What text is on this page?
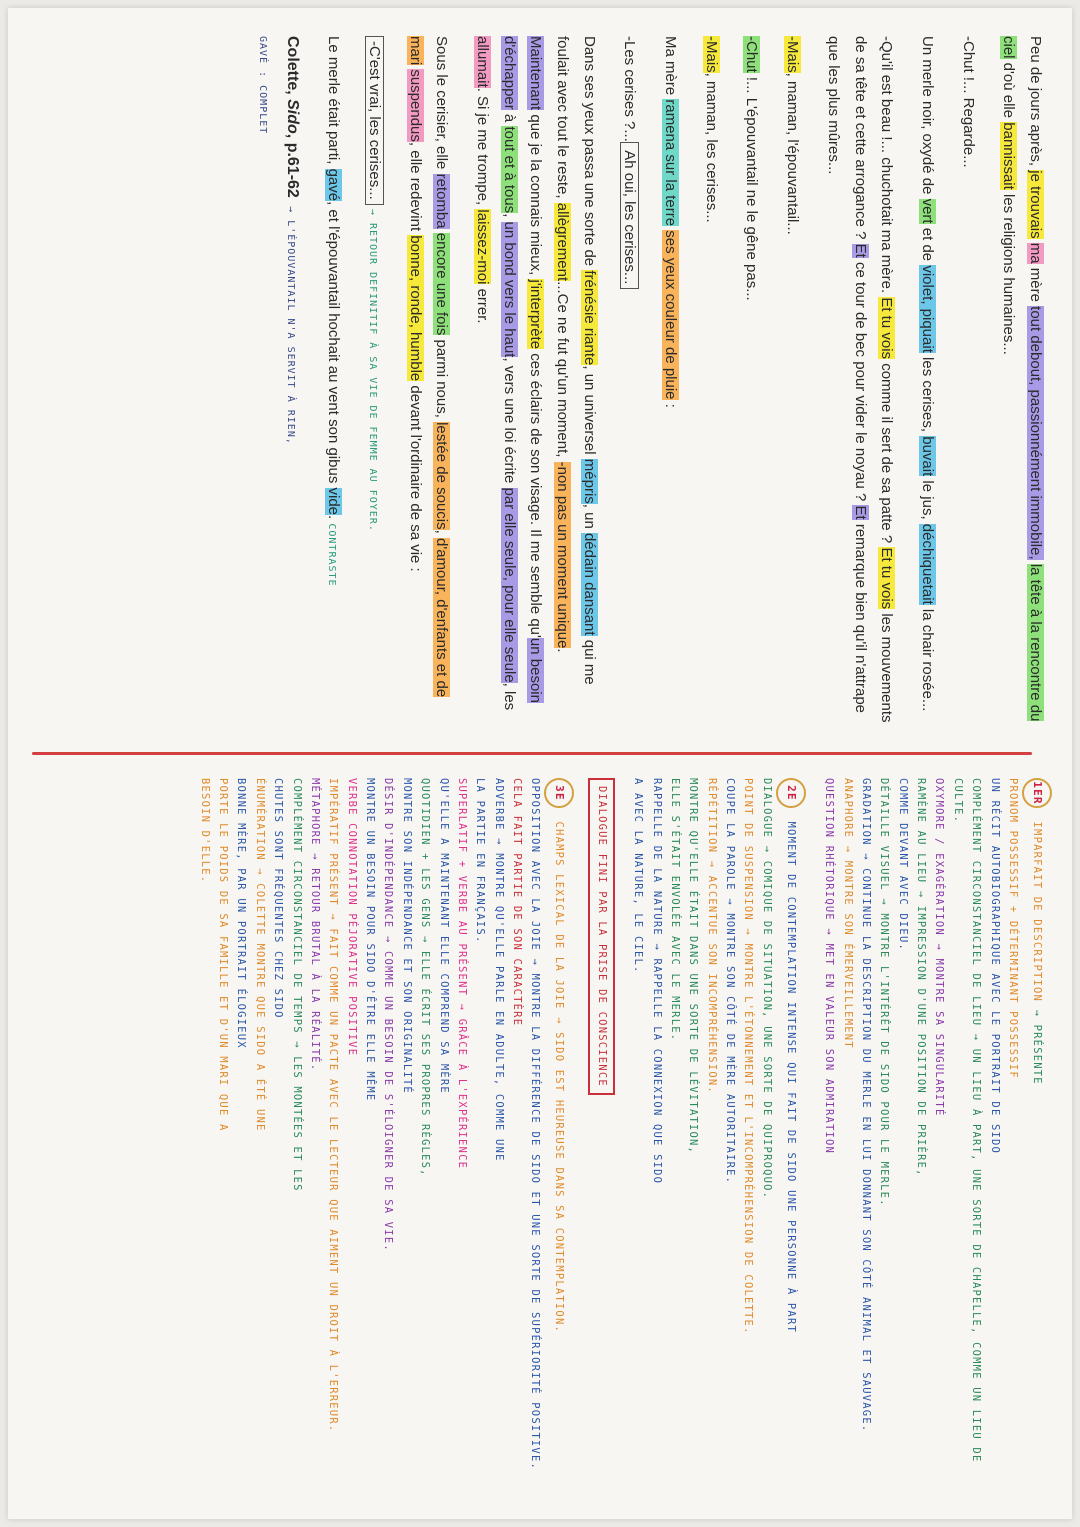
Peu de jours après, je trouvais ma mère tout debout, passionnément immobile, la tête à la rencontre du ciel d'où elle bannissait les religions humaines...

-Chut !... Regarde...

Un merle noir, oxydé de vert et de violet, piquait les cerises, buvait le jus, déchiquetait la chair rosée...

-Qu'il est beau !... chuchotait ma mère. Et tu vois comme il sert de sa patte ? Et tu vois les mouvements de sa tête et cette arrogance ? Et ce tour de bec pour vider le noyau ? Et remarque bien qu'il n'attrape que les plus mûres...

-Mais, maman, l'épouvantail...

-Chut !... L'épouvantail ne le gêne pas...

-Mais, maman, les cerises...

Ma mère ramena sur la terre ses yeux couleur de pluie :

-Les cerises ?... Ah oui, les cerises...

Dans ses yeux passa une sorte de frénésie riante, un universel mépris, un dédain dansant qui me foulait avec tout le reste, allègrement...Ce ne fut qu'un moment, -non pas un moment unique. Maintenant que je la connais mieux, j'interprète ces éclairs de son visage. Il me semble qu'un besoin d'échapper à tout et à tous, un bond vers le haut, vers une loi écrite par elle seule, pour elle seule, les allumait. Si je me trompe, laissez-moi errer.

Sous le cerisier, elle retomba encore une fois parmi nous, lestée de soucis, d'amour, d'enfants et de mari suspendus, elle redevint bonne, ronde, humble devant l'ordinaire de sa vie :

-C'est vrai, les cerises... → RETOUR DEFINITIF À SA VIE DE FEMME AU FOYER.

Le merle était parti, gavé, et l'épouvantail hochait au vent son gibus vide. CONTRASTE

Colette, Sido, p.61-62  → L'ÉPOUVANTAIL N'A SERVIT À RIEN,
GAVÉ : COMPLET

1ER IMPARFAIT DE DESCRIPTION → PRÉSENTE
PRONOM POSSESSIF + DÉTERMINANT POSSESSIF
UN RÉCIT AUTOBIOGRAPHIQUE AVEC LE PORTRAIT DE SIDO
COMPLÉMENT CIRCONSTANCIEL DE LIEU → UN LIEU À PART, UNE SORTE DE CHAPELLE, COMME UN LIEU DE CULTE.
OXYMORE / EXAGÉRATION → MONTRE SA SINGULARITÉ
RAMÈNE AU LIEU → IMPRESSION D'UNE POSITION DE PRIÈRE,
COMME DEVANT AVEC DIEU.
DÉTAILLE VISUEL → MONTRE L'INTÉRÊT DE SIDO POUR LE MERLE.
GRADATION → CONTINUE LA DESCRIPTION DU MERLE EN LUI DONNANT SON CÔTÉ ANIMAL ET SAUVAGE.
ANAPHORE → MONTRE SON ÉMERVEILLEMENT
QUESTION RHÉTORIQUE → MET EN VALEUR SON ADMIRATION
2E MOMENT DE CONTEMPLATION INTENSE QUI FAIT DE SIDO UNE PERSONNE À PART
DIALOGUE → COMIQUE DE SITUATION, UNE SORTE DE QUIPROQUO.
POINT DE SUSPENSION → MONTRE L'ÉTONNEMENT ET L'INCOMPRÉHENSION DE COLETTE.
COUPE LA PAROLE → MONTRE SON CÔTÉ DE MÈRE AUTORITAIRE.
RÉPÉTITION → ACCENTUE SON INCOMPRÉHENSION.
MONTRE QU'ELLE ÉTAIT DANS UNE SORTE DE LÉVITATION,
ELLE S'ÉTAIT ENVOLÉE AVEC LE MERLE.
RAPPELLE DE LA NATURE → RAPPELLE LA CONNEXION QUE SIDO
A AVEC LA NATURE, LE CIEL.
DIALOGUE FINI PAR LA PRISE DE CONSCIENCE
3E CHAMPS LEXICAL DE LA JOIE → SIDO EST HEUREUSE DANS SA CONTEMPLATION.
OPPOSITION AVEC LA JOIE → MONTRE LA DIFFÉRENCE DE SIDO ET UNE SORTE DE SUPÉRIORITÉ POSITIVE.
CELA FAIT PARTIE DE SON CARACTÈRE
ADVERBE → MONTRE QU'ELLE PARLE EN ADULTE, COMME UNE
LA PARTIE EN FRANÇAIS.
SUPERLATIF + VERBE AU PRÉSENT → GRÂCE À L'EXPÉRIENCE
QU'ELLE A MAINTENANT ELLE COMPREND SA MÈRE
QUOTIDIEN + LES GENS → ELLE ÉCRIT SES PROPRES RÈGLES,
MONTRE SON INDÉPENDANCE ET SON ORIGINALITÉ
DÉSIR D'INDÉPENDANCE → COMME UN BESOIN DE S'ÉLOIGNER DE SA VIE.
MONTRE UN BESOIN POUR SIDO D'ÊTRE ELLE MÊME
VERBE CONNOTATION PÉJORATIVE POSITIVE
IMPÉRATIF PRÉSENT → FAIT COMME UN PACTE AVEC LE LECTEUR QUE AIMENT UN DROIT À L'ERREUR.
MÉTAPHORE → RETOUR BRUTAL À LA RÉALITÉ.
COMPLÉMENT CIRCONSTANCIEL DE TEMPS → LES MONTÉES ET LES
CHUTES SONT FRÉQUENTES CHEZ SIDO
ÉNUMÉRATION → COLETTE MONTRE QUE SIDO A ÉTÉ UNE
BONNE MÈRE, PAR UN PORTRAIT ÉLOGIEUX
PORTE LE POIDS DE SA FAMILLE ET D'UN MARI QUE A
BESOIN D'ELLE.
